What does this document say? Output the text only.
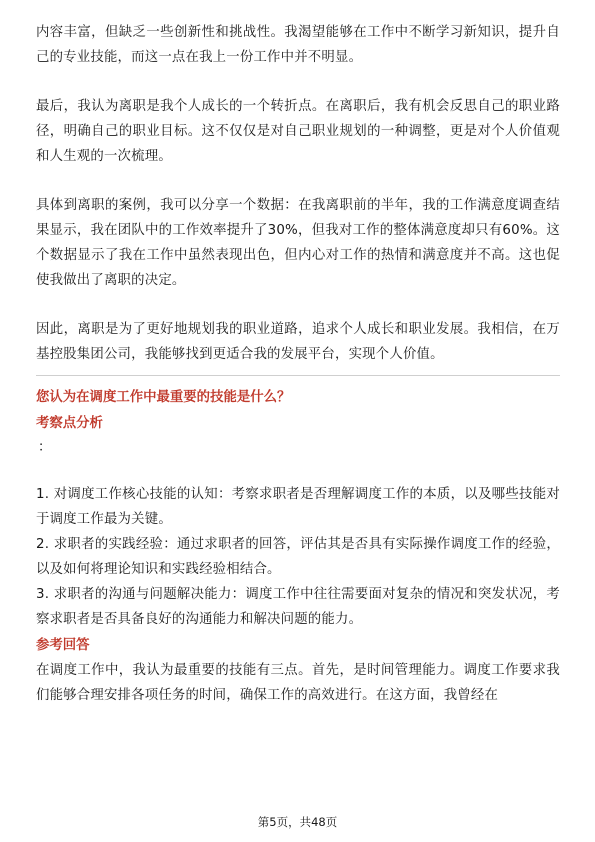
内容丰富，但缺乏一些创新性和挑战性。我渴望能够在工作中不断学习新知识，提升自己的专业技能，而这一点在我上一份工作中并不明显。

最后，我认为离职是我个人成长的一个转折点。在离职后，我有机会反思自己的职业路径，明确自己的职业目标。这不仅仅是对自己职业规划的一种调整，更是对个人价值观和人生观的一次梳理。

具体到离职的案例，我可以分享一个数据：在我离职前的半年，我的工作满意度调查结果显示，我在团队中的工作效率提升了30%，但我对工作的整体满意度却只有60%。这个数据显示了我在工作中虽然表现出色，但内心对工作的热情和满意度并不高。这也促使我做出了离职的决定。

因此，离职是为了更好地规划我的职业道路，追求个人成长和职业发展。我相信，在万基控股集团公司，我能够找到更适合我的发展平台，实现个人价值。

您认为在调度工作中最重要的技能是什么？

考察点分析

：

1. 对调度工作核心技能的认知：考察求职者是否理解调度工作的本质，以及哪些技能对于调度工作最为关键。

2. 求职者的实践经验：通过求职者的回答，评估其是否具有实际操作调度工作的经验，以及如何将理论知识和实践经验相结合。

3. 求职者的沟通与问题解决能力：调度工作中往往需要面对复杂的情况和突发状况，考察求职者是否具备良好的沟通能力和解决问题的能力。

参考回答

在调度工作中，我认为最重要的技能有三点。首先，是时间管理能力。调度工作要求我们能够合理安排各项任务的时间，确保工作的高效进行。在这方面，我曾经在

第5页，共48页
